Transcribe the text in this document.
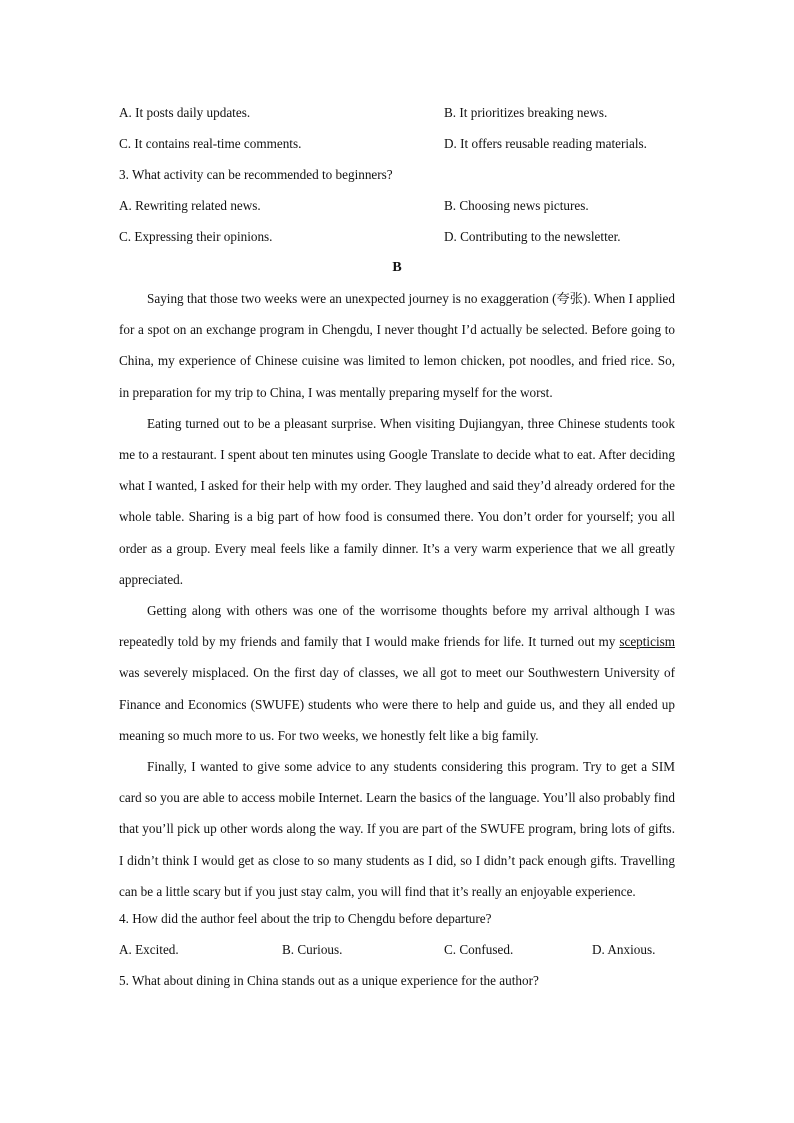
A. It posts daily updates.	B. It prioritizes breaking news.
C. It contains real-time comments.	D. It offers reusable reading materials.
3. What activity can be recommended to beginners?
A. Rewriting related news.	B. Choosing news pictures.
C. Expressing their opinions.	D. Contributing to the newsletter.
B

Saying that those two weeks were an unexpected journey is no exaggeration (夸张). When I applied for a spot on an exchange program in Chengdu, I never thought I’d actually be selected. Before going to China, my experience of Chinese cuisine was limited to lemon chicken, pot noodles, and fried rice. So, in preparation for my trip to China, I was mentally preparing myself for the worst.

Eating turned out to be a pleasant surprise. When visiting Dujiangyan, three Chinese students took me to a restaurant. I spent about ten minutes using Google Translate to decide what to eat. After deciding what I wanted, I asked for their help with my order. They laughed and said they’d already ordered for the whole table. Sharing is a big part of how food is consumed there. You don’t order for yourself; you all order as a group. Every meal feels like a family dinner. It’s a very warm experience that we all greatly appreciated.

Getting along with others was one of the worrisome thoughts before my arrival although I was repeatedly told by my friends and family that I would make friends for life. It turned out my scepticism was severely misplaced. On the first day of classes, we all got to meet our Southwestern University of Finance and Economics (SWUFE) students who were there to help and guide us, and they all ended up meaning so much more to us. For two weeks, we honestly felt like a big family.

Finally, I wanted to give some advice to any students considering this program. Try to get a SIM card so you are able to access mobile Internet. Learn the basics of the language. You’ll also probably find that you’ll pick up other words along the way. If you are part of the SWUFE program, bring lots of gifts. I didn’t think I would get as close to so many students as I did, so I didn’t pack enough gifts. Travelling can be a little scary but if you just stay calm, you will find that it’s really an enjoyable experience.

4. How did the author feel about the trip to Chengdu before departure?
A. Excited.	B. Curious.	C. Confused.	D. Anxious.
5. What about dining in China stands out as a unique experience for the author?
